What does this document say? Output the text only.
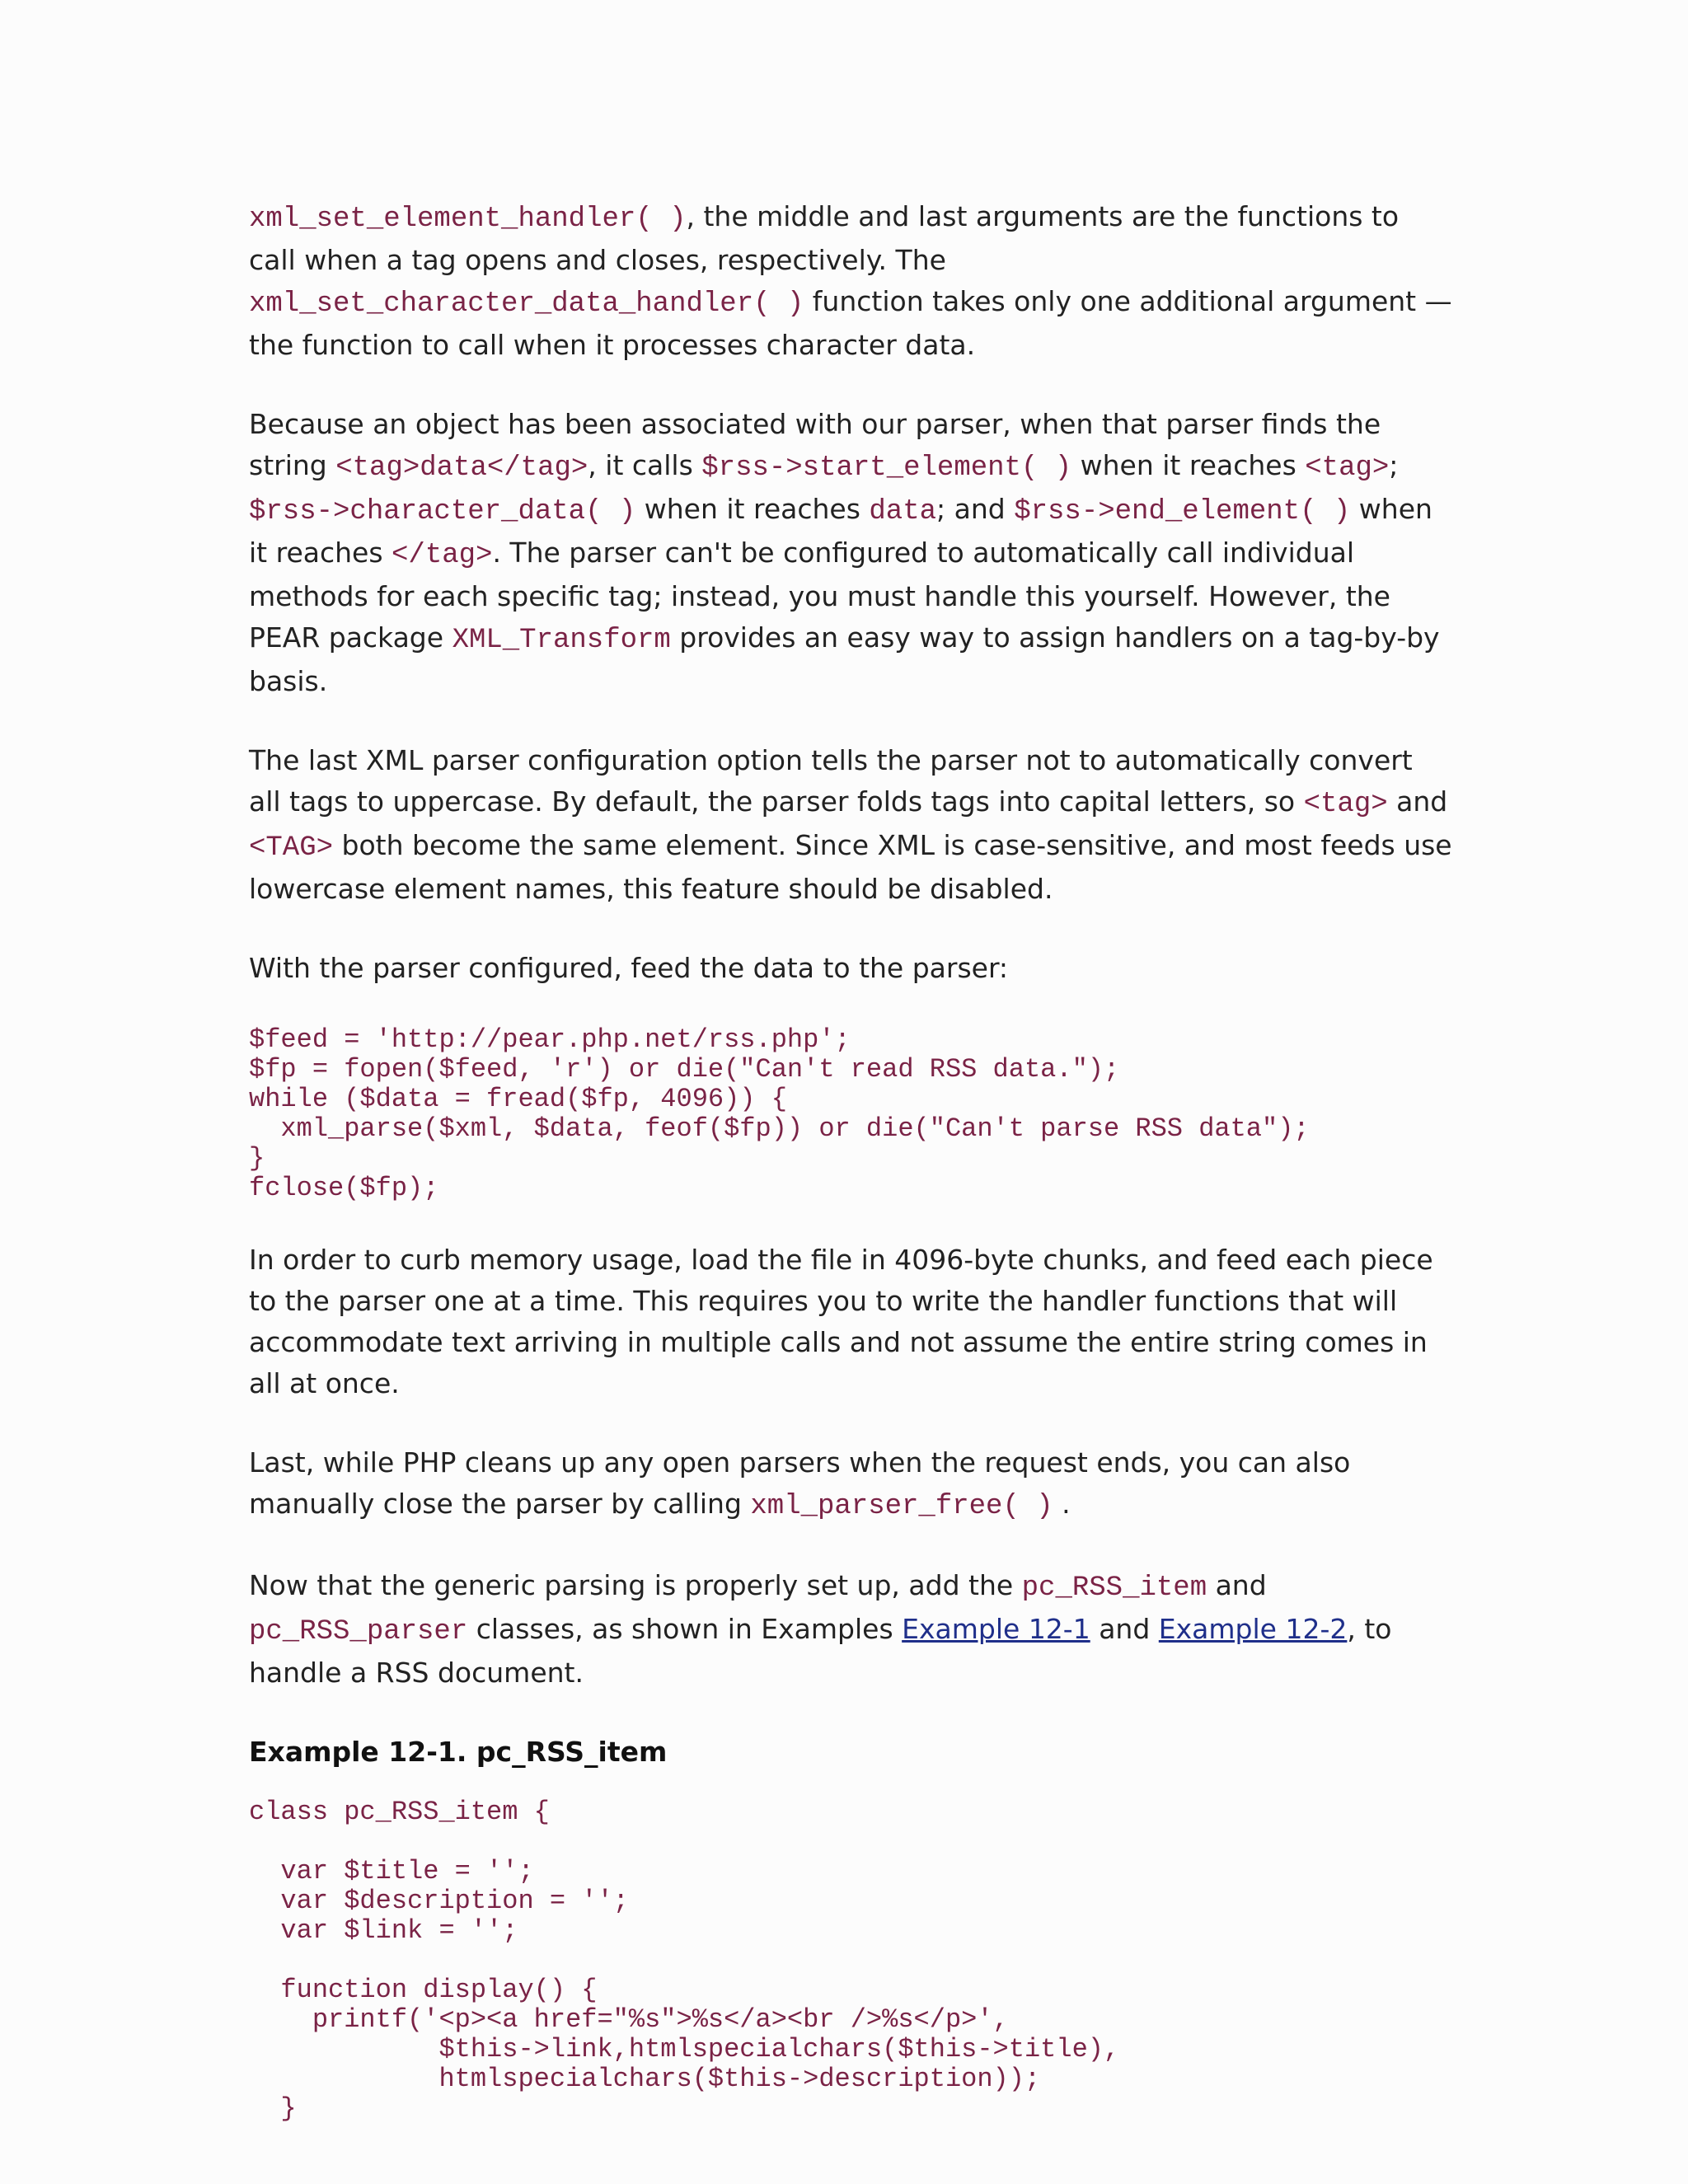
xml_set_element_handler( ), the middle and last arguments are the functions to call when a tag opens and closes, respectively. The xml_set_character_data_handler( ) function takes only one additional argument — the function to call when it processes character data.

Because an object has been associated with our parser, when that parser finds the string <tag>data</tag>, it calls $rss->start_element( ) when it reaches <tag>; $rss->character_data( ) when it reaches data; and $rss->end_element( ) when it reaches </tag>. The parser can't be configured to automatically call individual methods for each specific tag; instead, you must handle this yourself. However, the PEAR package XML_Transform provides an easy way to assign handlers on a tag-by-by basis.

The last XML parser configuration option tells the parser not to automatically convert all tags to uppercase. By default, the parser folds tags into capital letters, so <tag> and <TAG> both become the same element. Since XML is case-sensitive, and most feeds use lowercase element names, this feature should be disabled.

With the parser configured, feed the data to the parser:

$feed = 'http://pear.php.net/rss.php';
$fp = fopen($feed, 'r') or die("Can't read RSS data.");
while ($data = fread($fp, 4096)) {
xml_parse($xml, $data, feof($fp)) or die("Can't parse RSS data");
}
fclose($fp);

In order to curb memory usage, load the file in 4096-byte chunks, and feed each piece to the parser one at a time. This requires you to write the handler functions that will accommodate text arriving in multiple calls and not assume the entire string comes in all at once.

Last, while PHP cleans up any open parsers when the request ends, you can also manually close the parser by calling xml_parser_free( ) .

Now that the generic parsing is properly set up, add the pc_RSS_item and pc_RSS_parser classes, as shown in Examples Example 12-1 and Example 12-2, to handle a RSS document.

Example 12-1. pc_RSS_item
class pc_RSS_item {

var $title = '';
var $description = '';
var $link = '';

function display() {
printf('<p><a href="%s">%s</a><br />%s</p>',
$this->link,htmlspecialchars($this->title),
htmlspecialchars($this->description));
}
